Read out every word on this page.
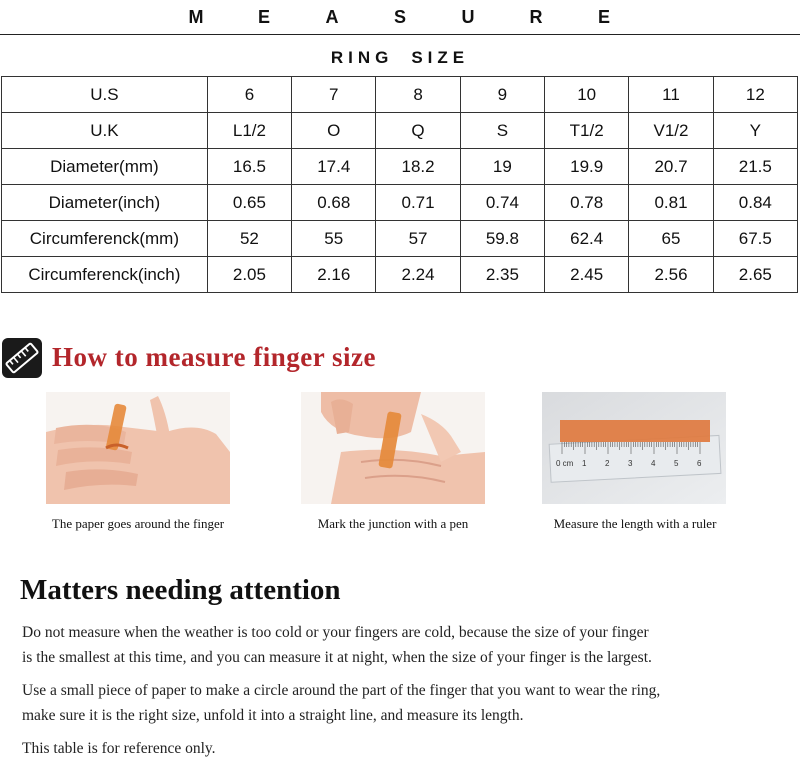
M	E	A	S	U	R	E
RING SIZE
U.S	6	7	8	9	10	11	12
U.K	L1/2	O	Q	S	T1/2	V1/2	Y
Diameter(mm)	16.5	17.4	18.2	19	19.9	20.7	21.5
Diameter(inch)	0.65	0.68	0.71	0.74	0.78	0.81	0.84
Circumferenck(mm)	52	55	57	59.8	62.4	65	67.5
Circumferenck(inch)	2.05	2.16	2.24	2.35	2.45	2.56	2.65
How to measure finger size
The paper goes around the finger	Mark the junction with a pen
0 cm 1 2 3 4 5 6
Measure the length with a ruler
Matters needing attention
Do not measure when the weather is too cold or your fingers are cold, because the size of your finger
is the smallest at this time, and you can measure it at night, when the size of your finger is the largest.
Use a small piece of paper to make a circle around the part of the finger that you want to wear the ring,
make sure it is the right size, unfold it into a straight line, and measure its length.
This table is for reference only.
